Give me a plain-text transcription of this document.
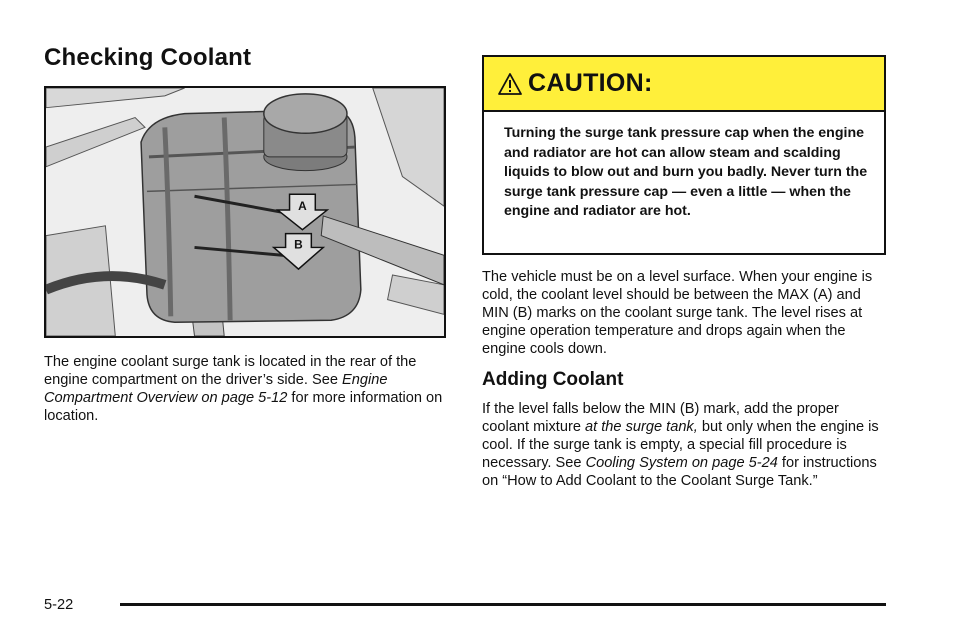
Checking Coolant
A
B
The engine coolant surge tank is located in the rear of the engine compartment on the driver’s side. See Engine Compartment Overview on page 5-12 for more information on location.
CAUTION:
Turning the surge tank pressure cap when the engine and radiator are hot can allow steam and scalding liquids to blow out and burn you badly. Never turn the surge tank pressure cap — even a little — when the engine and radiator are hot.
The vehicle must be on a level surface. When your engine is cold, the coolant level should be between the MAX (A) and MIN (B) marks on the coolant surge tank. The level rises at engine operation temperature and drops again when the engine cools down.
Adding Coolant
If the level falls below the MIN (B) mark, add the proper coolant mixture at the surge tank, but only when the engine is cool. If the surge tank is empty, a special fill procedure is necessary. See Cooling System on page 5-24 for instructions on “How to Add Coolant to the Coolant Surge Tank.”
5-22
